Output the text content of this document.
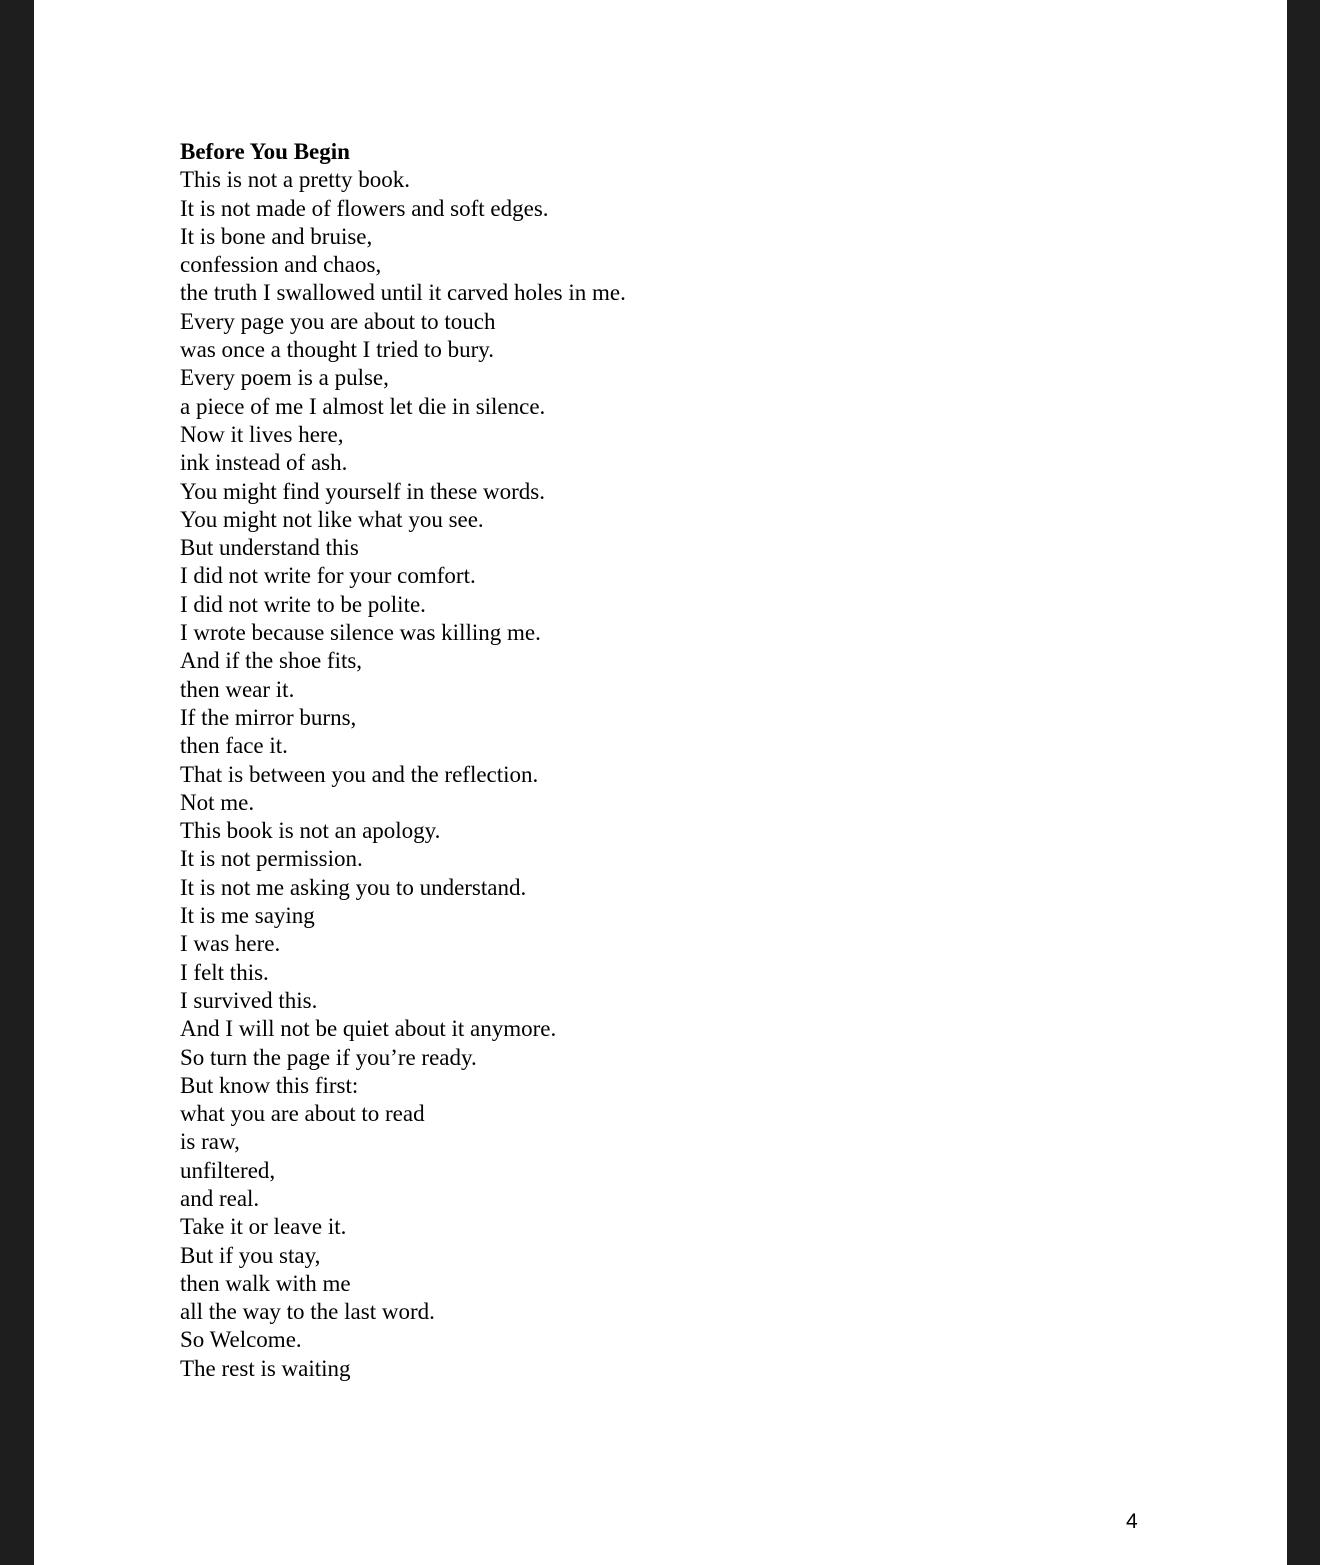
Before You Begin
This is not a pretty book.
It is not made of flowers and soft edges.
It is bone and bruise,
confession and chaos,
the truth I swallowed until it carved holes in me.
Every page you are about to touch
was once a thought I tried to bury.
Every poem is a pulse,
a piece of me I almost let die in silence.
Now it lives here,
ink instead of ash.
You might find yourself in these words.
You might not like what you see.
But understand this
I did not write for your comfort.
I did not write to be polite.
I wrote because silence was killing me.
And if the shoe fits,
then wear it.
If the mirror burns,
then face it.
That is between you and the reflection.
Not me.
This book is not an apology.
It is not permission.
It is not me asking you to understand.
It is me saying
I was here.
I felt this.
I survived this.
And I will not be quiet about it anymore.
So turn the page if you’re ready.
But know this first:
what you are about to read
is raw,
unfiltered,
and real.
Take it or leave it.
But if you stay,
then walk with me
all the way to the last word.
So Welcome.
The rest is waiting
4
